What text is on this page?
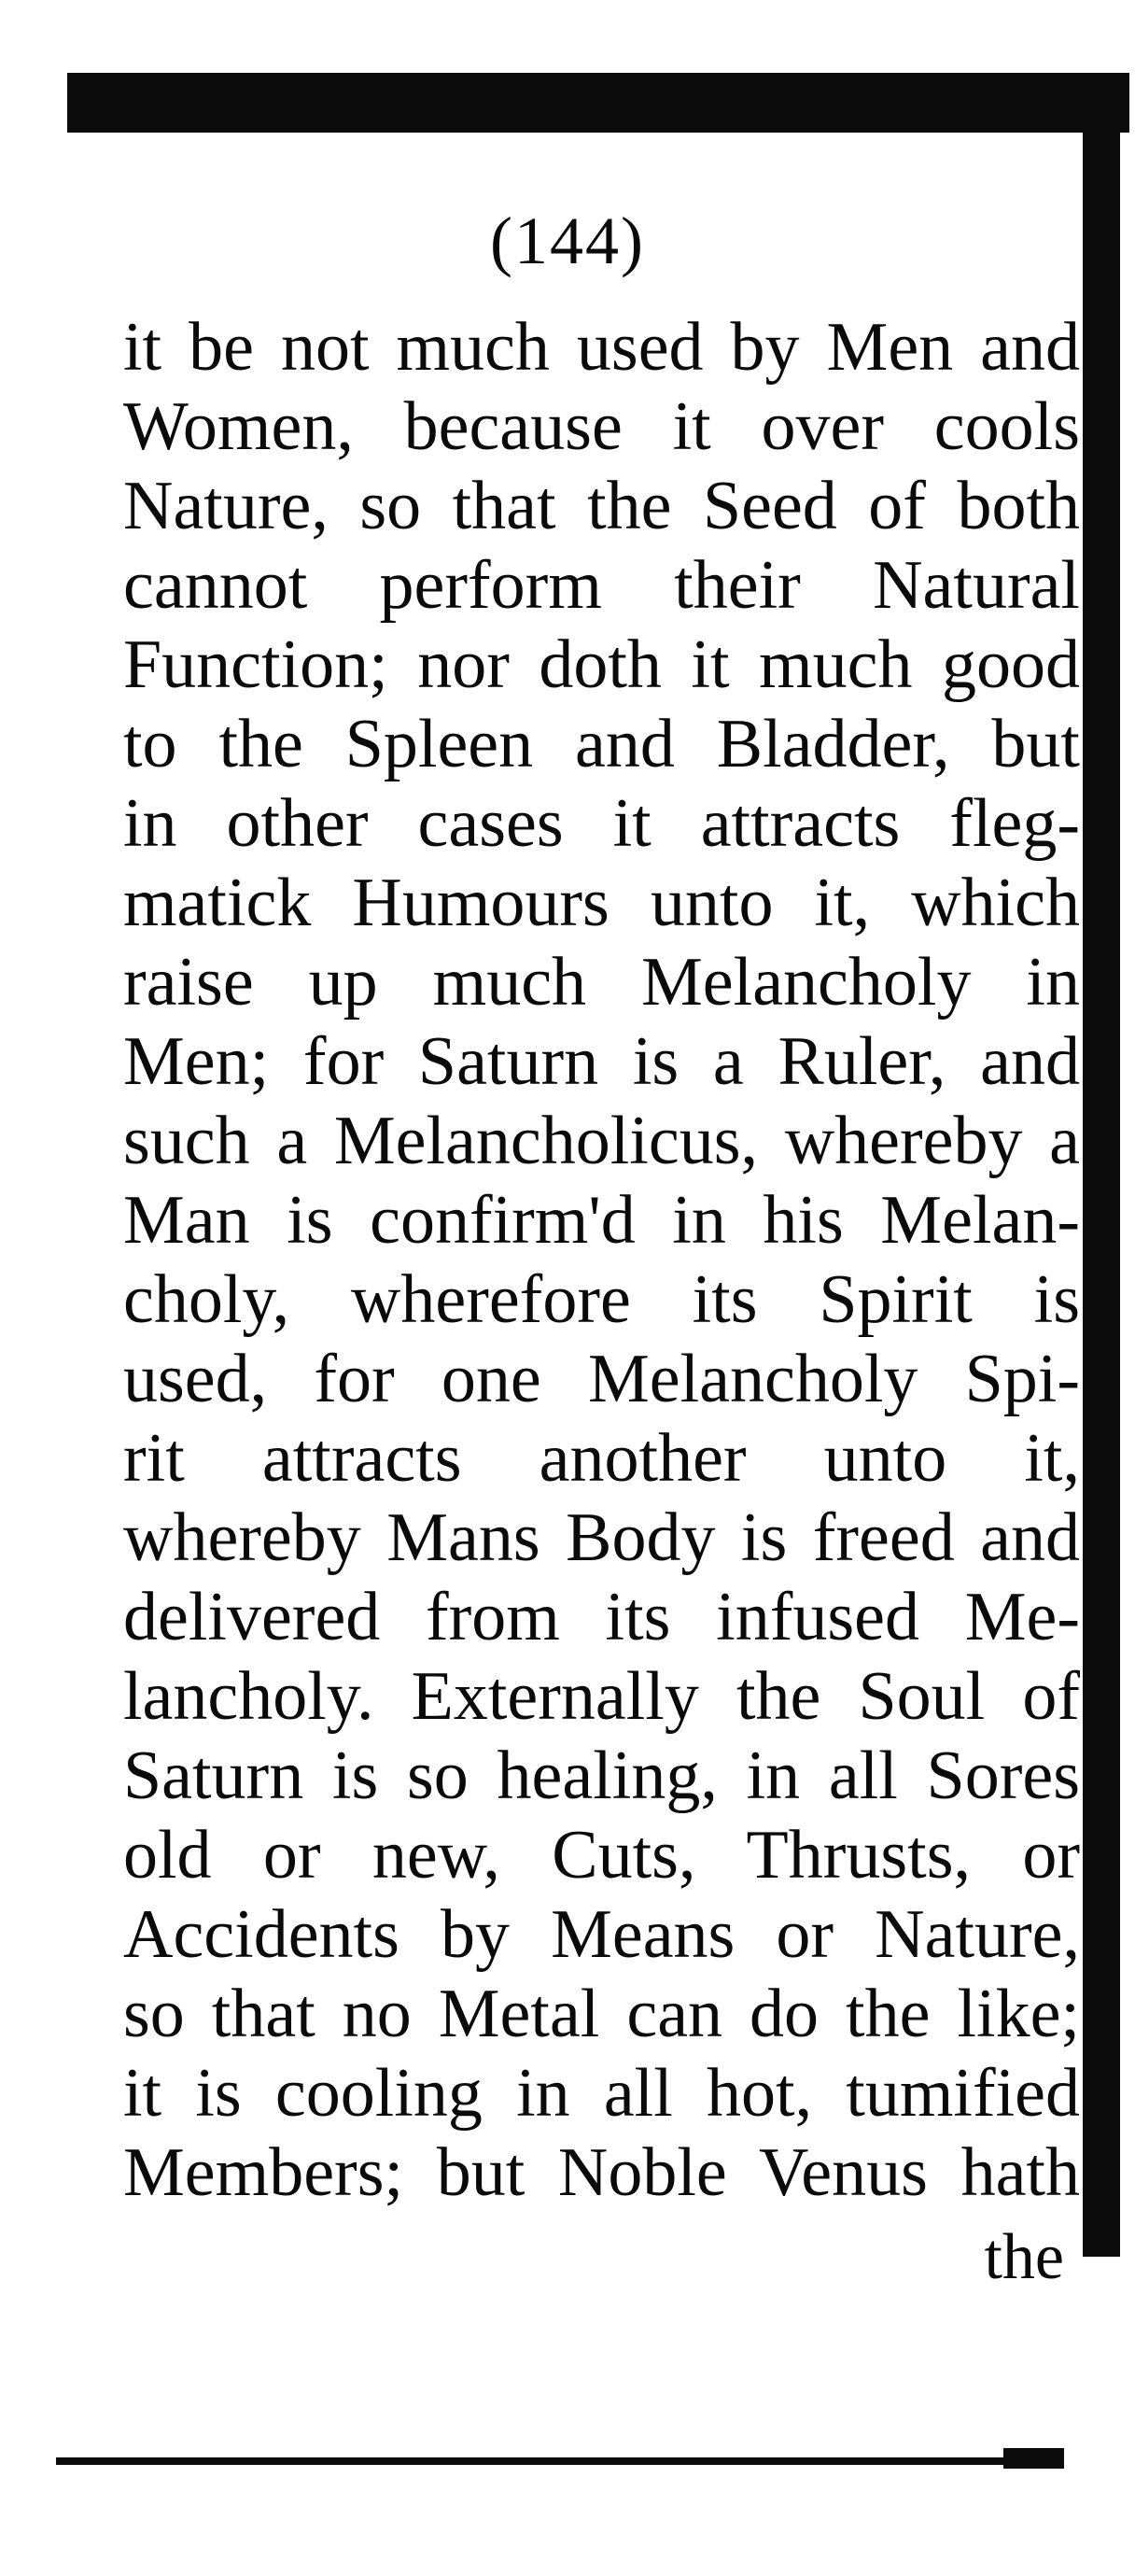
(144)
it be not much used by Men and
Women, because it over cools
Nature, so that the Seed of both
cannot perform their Natural
Function; nor doth it much good
to the Spleen and Bladder, but
in other cases it attracts fleg-
matick Humours unto it, which
raise up much Melancholy in
Men; for Saturn is a Ruler, and
such a Melancholicus, whereby a
Man is confirm'd in his Melan-
choly, wherefore its Spirit is
used, for one Melancholy Spi-
rit attracts another unto it,
whereby Mans Body is freed and
delivered from its infused Me-
lancholy. Externally the Soul of
Saturn is so healing, in all Sores
old or new, Cuts, Thrusts, or
Accidents by Means or Nature,
so that no Metal can do the like;
it is cooling in all hot, tumified
Members; but Noble Venus hath
the
